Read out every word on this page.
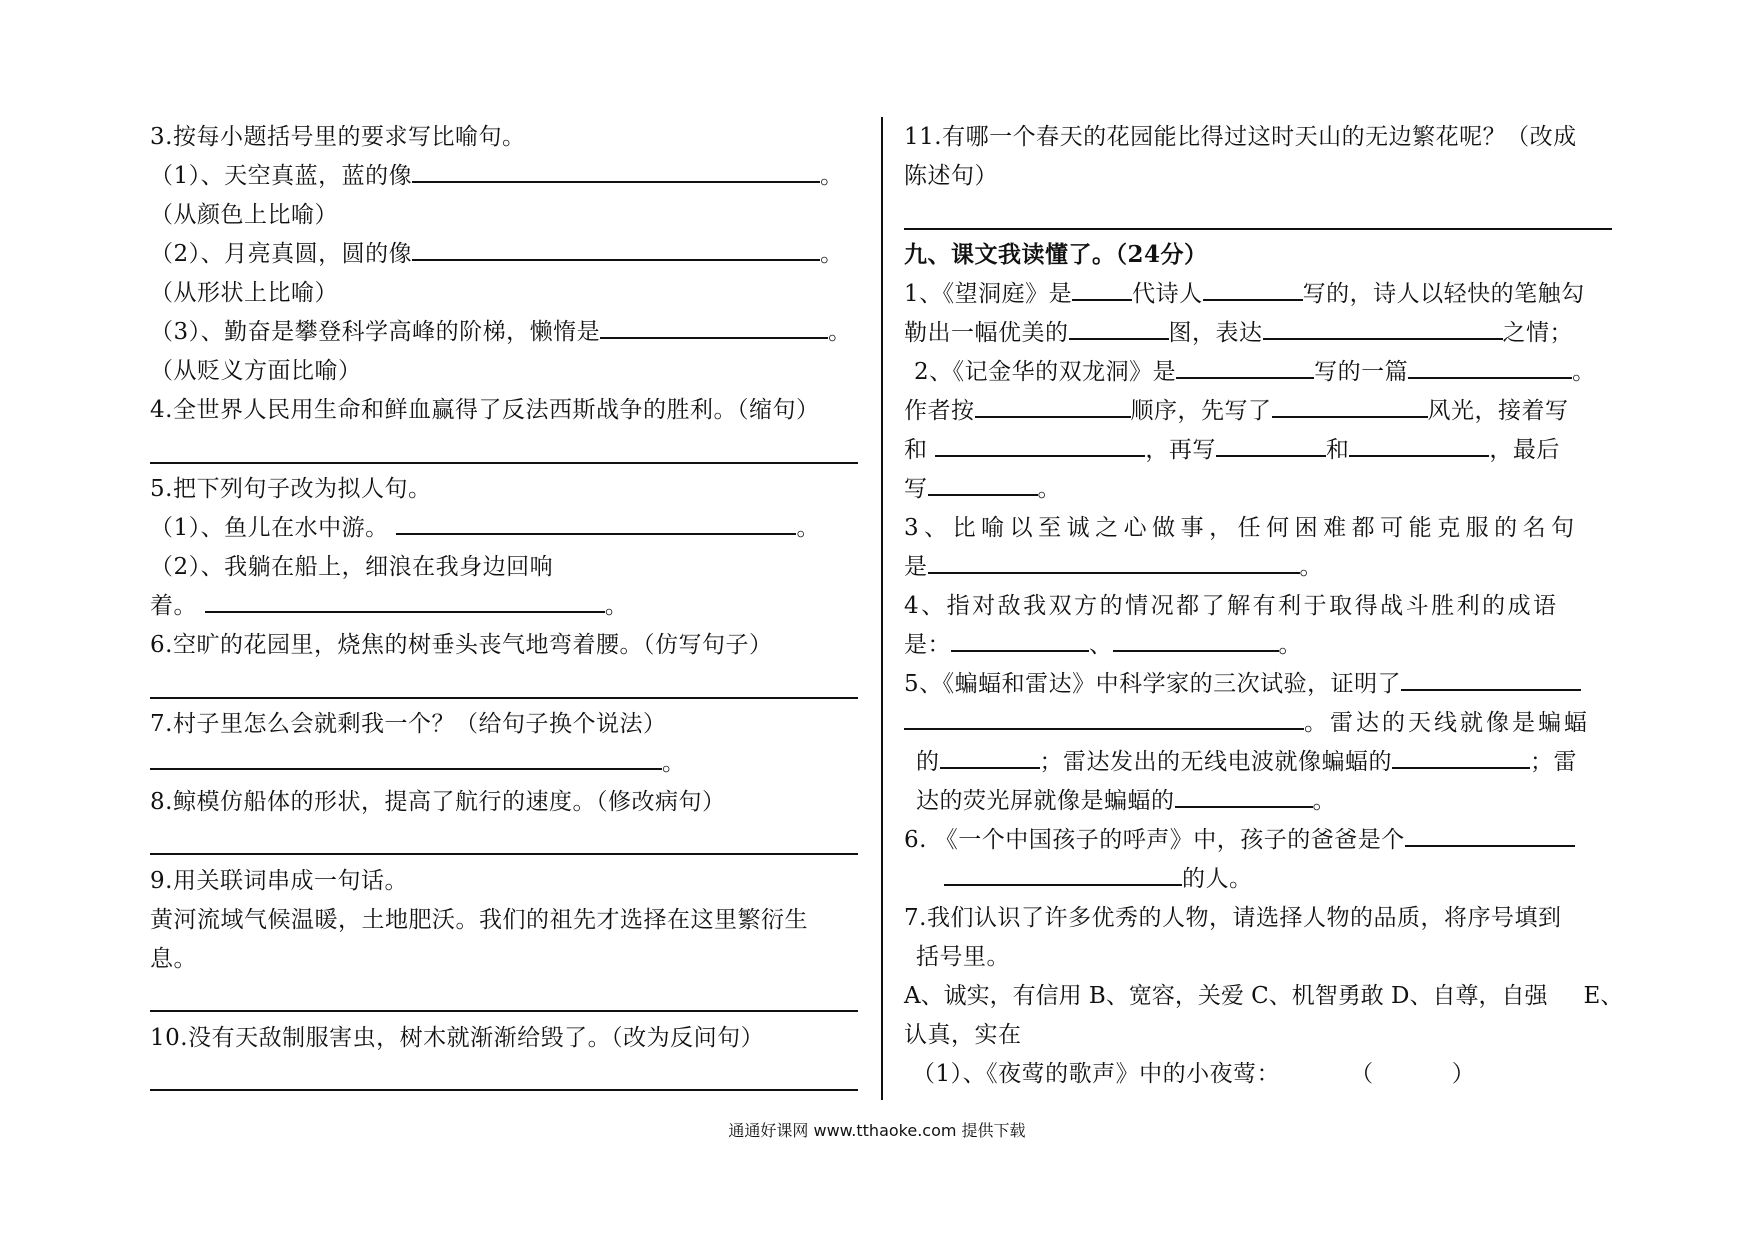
3.按每小题括号里的要求写比喻句。
（1）、天空真蓝，蓝的像	。
（从颜色上比喻）
（2）、月亮真圆，圆的像	。
（从形状上比喻）
（3）、勤奋是攀登科学高峰的阶梯，懒惰是	。
（从贬义方面比喻）
4.全世界人民用生命和鲜血赢得了反法西斯战争的胜利。（缩句）
5.把下列句子改为拟人句。
（1）、鱼儿在水中游。	。
（2）、我躺在船上，细浪在我身边回响
着。	。
6.空旷的花园里，烧焦的树垂头丧气地弯着腰。（仿写句子）
7.村子里怎么会就剩我一个？（给句子换个说法）
。
8.鲸模仿船体的形状，提高了航行的速度。（修改病句）
9.用关联词串成一句话。
黄河流域气候温暖，土地肥沃。我们的祖先才选择在这里繁衍生
息。
10.没有天敌制服害虫，树木就渐渐给毁了。（改为反问句）
11.有哪一个春天的花园能比得过这时天山的无边繁花呢？（改成
陈述句）
九、课文我读懂了。（24分）
1、《望洞庭》是	代诗人	写的，诗人以轻快的笔触勾
勒出一幅优美的	图，表达	之情；
2、《记金华的双龙洞》是	写的一篇	。
作者按	顺序，先写了	风光，接着写
和	，再写	和	，最后
写	。
3、比喻以至诚之心做事，任何困难都可能克服的名句
是	。
4、指对敌我双方的情况都了解有利于取得战斗胜利的成语
是：	、	。
5、《蝙蝠和雷达》中科学家的三次试验，证明了
。雷达的天线就像是蝙蝠
的	；雷达发出的无线电波就像蝙蝠的	；雷
达的荧光屏就像是蝙蝠的	。
6. 《一个中国孩子的呼声》中，孩子的爸爸是个
的人。
7.我们认识了许多优秀的人物，请选择人物的品质，将序号填到
括号里。
A、诚实，有信用 B、宽容，关爱 C、机智勇敢 D、自尊，自强 E、
认真，实在
（1）、《夜莺的歌声》中的小夜莺：	（          ）
通通好课网 www.tthaoke.com 提供下载
